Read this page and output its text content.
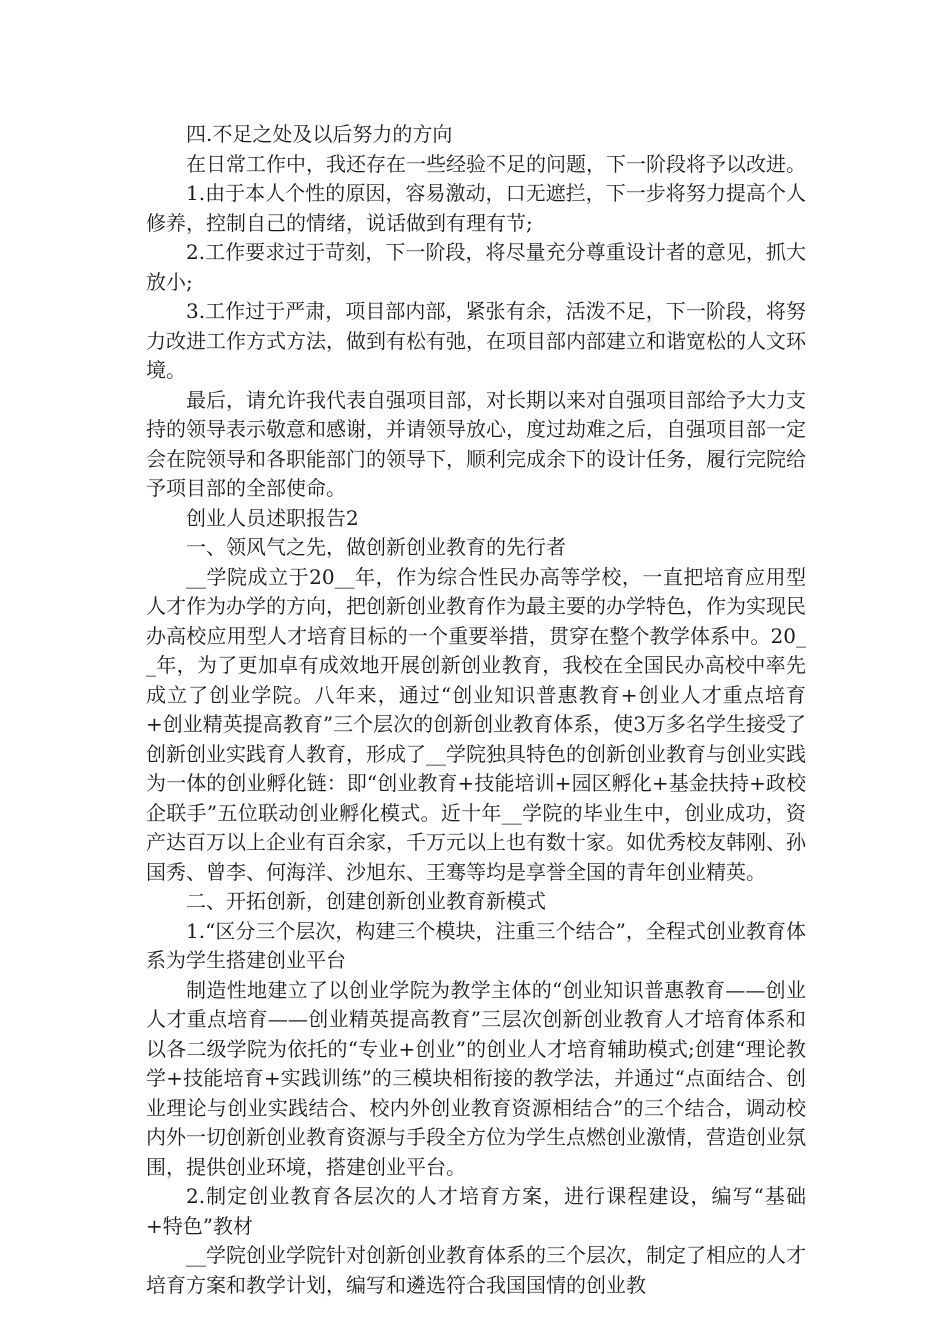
四.不足之处及以后努力的方向

在日常工作中，我还存在一些经验不足的问题，下一阶段将予以改进。

1.由于本人个性的原因，容易激动，口无遮拦，下一步将努力提高个人修养，控制自己的情绪，说话做到有理有节;

2.工作要求过于苛刻，下一阶段，将尽量充分尊重设计者的意见，抓大放小;

3.工作过于严肃，项目部内部，紧张有余，活泼不足，下一阶段，将努力改进工作方式方法，做到有松有弛，在项目部内部建立和谐宽松的人文环境。

最后，请允许我代表自强项目部，对长期以来对自强项目部给予大力支持的领导表示敬意和感谢，并请领导放心，度过劫难之后，自强项目部一定会在院领导和各职能部门的领导下，顺利完成余下的设计任务，履行完院给予项目部的全部使命。

创业人员述职报告2

一、领风气之先，做创新创业教育的先行者

__学院成立于20__年，作为综合性民办高等学校，一直把培育应用型人才作为办学的方向，把创新创业教育作为最主要的办学特色，作为实现民办高校应用型人才培育目标的一个重要举措，贯穿在整个教学体系中。20__年，为了更加卓有成效地开展创新创业教育，我校在全国民办高校中率先成立了创业学院。八年来，通过“创业知识普惠教育+创业人才重点培育+创业精英提高教育”三个层次的创新创业教育体系，使3万多名学生接受了创新创业实践育人教育，形成了__学院独具特色的创新创业教育与创业实践为一体的创业孵化链：即“创业教育+技能培训+园区孵化+基金扶持+政校企联手”五位联动创业孵化模式。近十年__学院的毕业生中，创业成功，资产达百万以上企业有百余家，千万元以上也有数十家。如优秀校友韩刚、孙国秀、曾李、何海洋、沙旭东、王骞等均是享誉全国的青年创业精英。

二、开拓创新，创建创新创业教育新模式

1.“区分三个层次，构建三个模块，注重三个结合”，全程式创业教育体系为学生搭建创业平台

制造性地建立了以创业学院为教学主体的“创业知识普惠教育——创业人才重点培育——创业精英提高教育”三层次创新创业教育人才培育体系和以各二级学院为依托的“专业+创业”的创业人才培育辅助模式;创建“理论教学+技能培育+实践训练”的三模块相衔接的教学法，并通过“点面结合、创业理论与创业实践结合、校内外创业教育资源相结合”的三个结合，调动校内外一切创新创业教育资源与手段全方位为学生点燃创业激情，营造创业氛围，提供创业环境，搭建创业平台。

2.制定创业教育各层次的人才培育方案，进行课程建设，编写“基础+特色”教材

__学院创业学院针对创新创业教育体系的三个层次，制定了相应的人才培育方案和教学计划，编写和遴选符合我国国情的创业教
